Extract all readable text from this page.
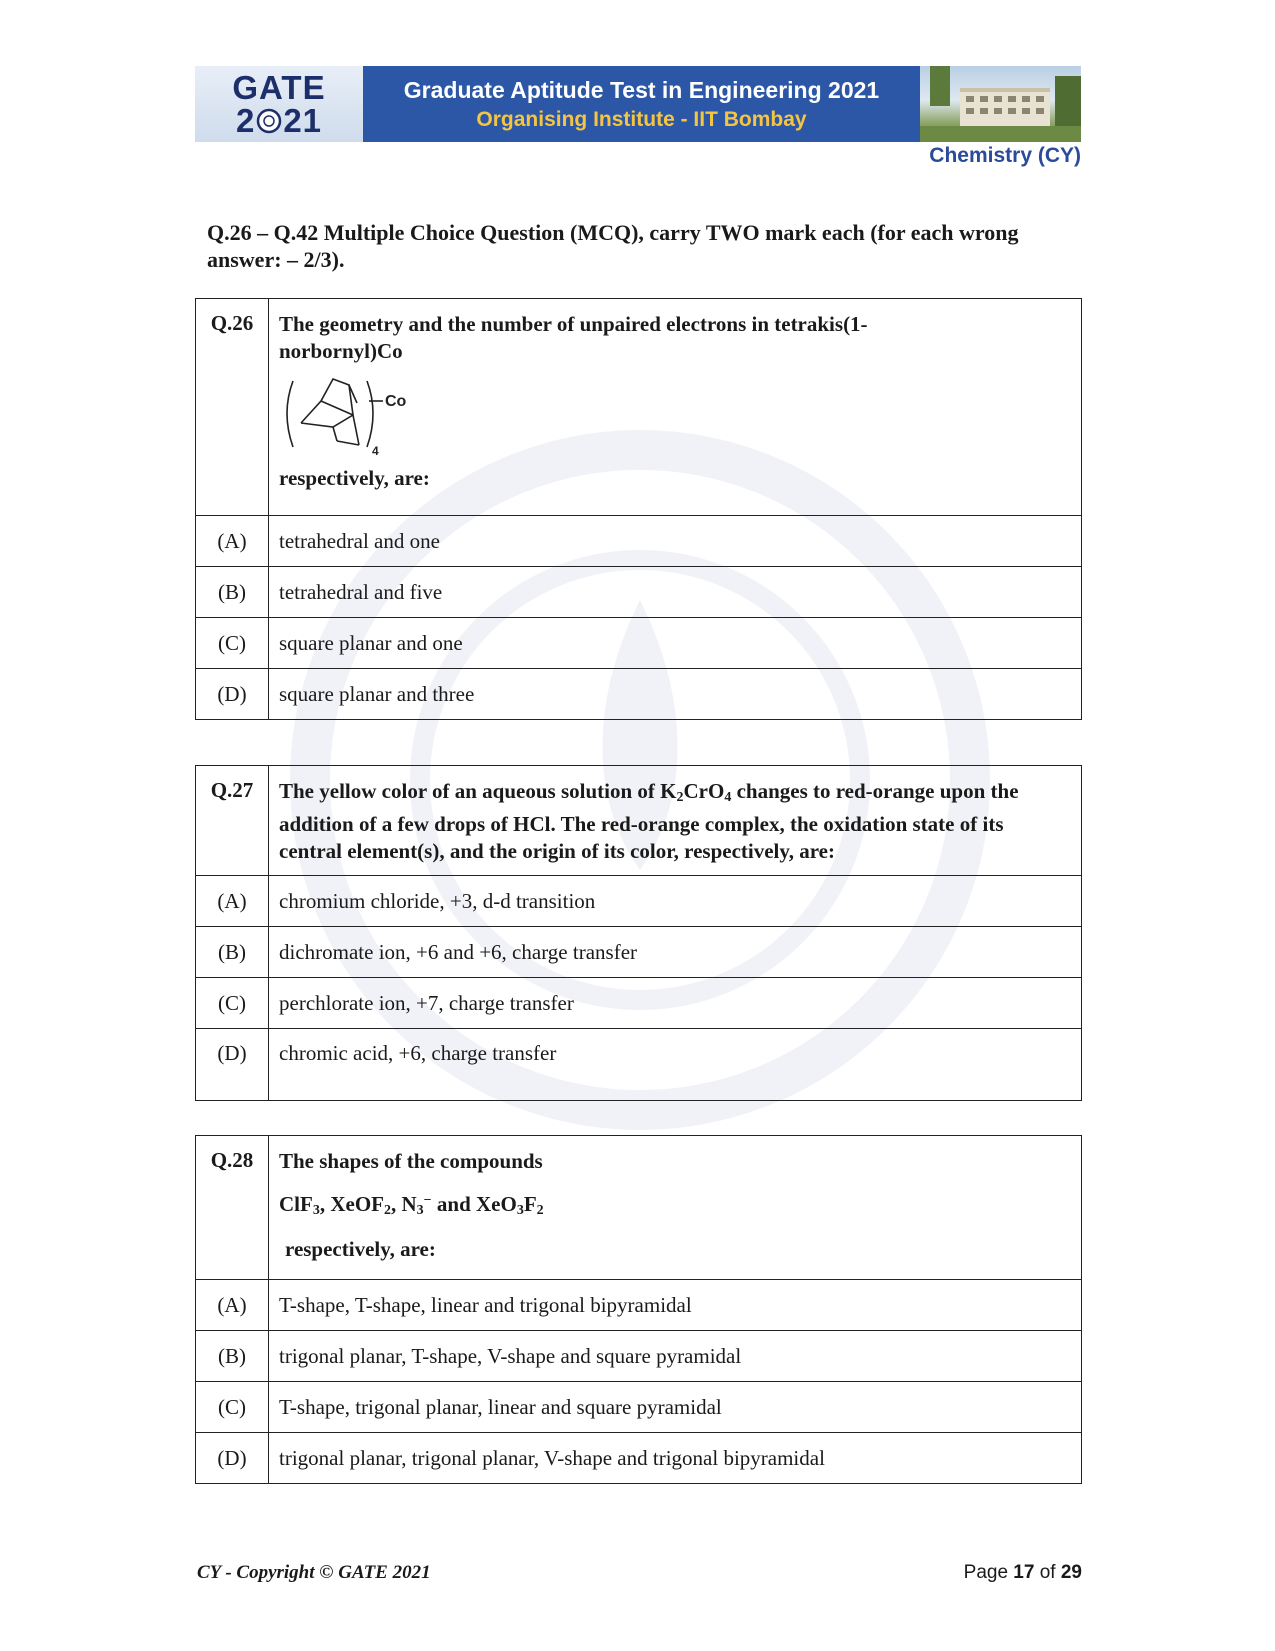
GATE
2 21
Graduate Aptitude Test in Engineering 2021
Organising Institute - IIT Bombay
Chemistry (CY)
Q.26 – Q.42 Multiple Choice Question (MCQ), carry TWO mark each (for each wrong answer: – 2/3).
Q.26	The geometry and the number of unpaired electrons in tetrakis(1-
norbornyl)Co
Co
4
respectively, are:

(A)	tetrahedral and one
(B)	tetrahedral and five
(C)	square planar and one
(D)	square planar and three
Q.27	The yellow color of an aqueous solution of $K_2CrO_4$ changes to red-orange upon the addition of a few drops of HCl. The red-orange complex, the oxidation state of its central element(s), and the origin of its color, respectively, are:
(A)	chromium chloride, +3, d-d transition
(B)	dichromate ion, +6 and +6, charge transfer
(C)	perchlorate ion, +7, charge transfer
(D)	chromic acid, +6, charge transfer
Q.28	The shapes of the compounds
ClF$_3$, XeOF$_2$, $N_3^-$ and $XeO_3F_2$
respectively, are:

(A)	T-shape, T-shape, linear and trigonal bipyramidal
(B)	trigonal planar, T-shape, V-shape and square pyramidal
(C)	T-shape, trigonal planar, linear and square pyramidal
(D)	trigonal planar, trigonal planar, V-shape and trigonal bipyramidal
CY - Copyright © GATE 2021	Page 17 of 29
